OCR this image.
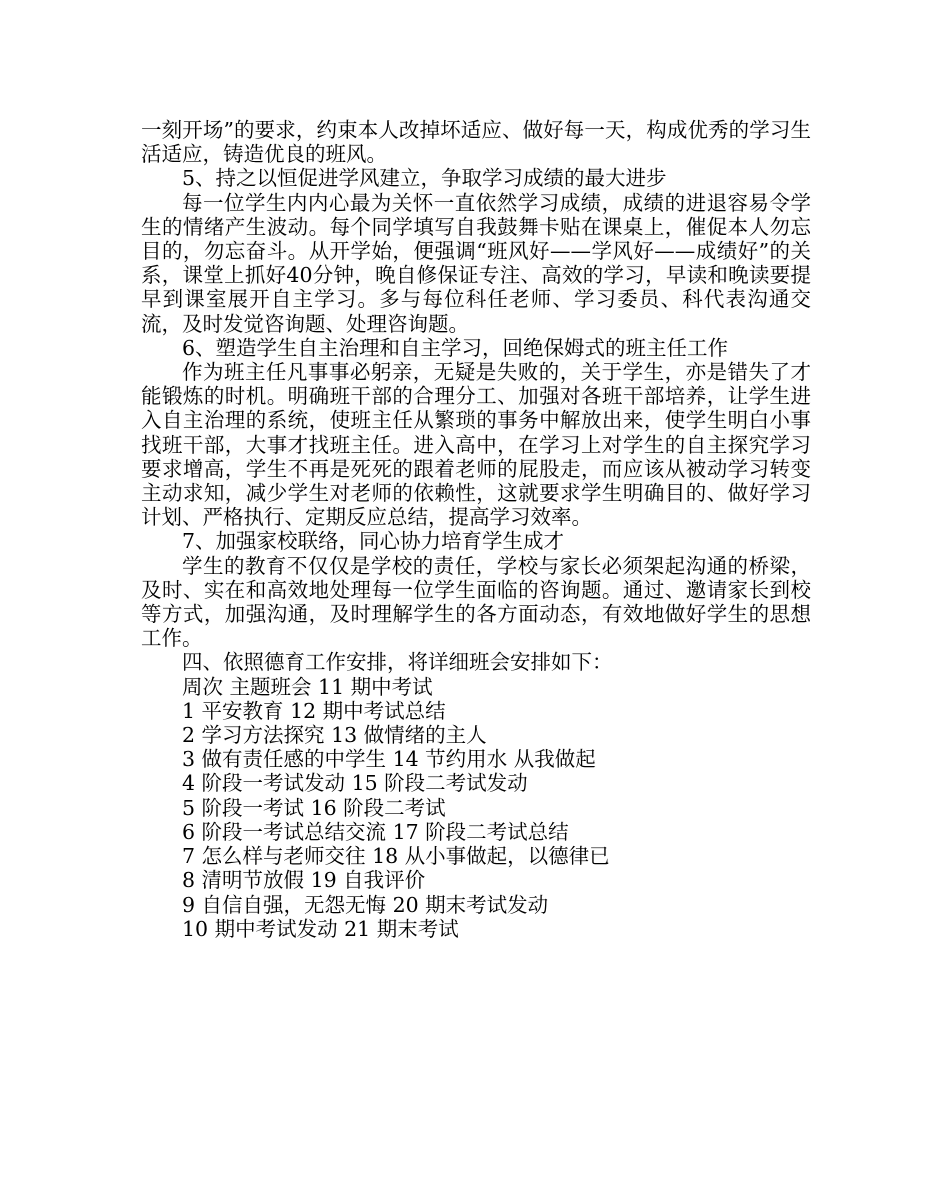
一刻开场”的要求，约束本人改掉坏适应、做好每一天，构成优秀的学习生活适应，铸造优良的班风。

5、持之以恒促进学风建立，争取学习成绩的最大进步

每一位学生内内心最为关怀一直依然学习成绩，成绩的进退容易令学生的情绪产生波动。每个同学填写自我鼓舞卡贴在课桌上，催促本人勿忘目的，勿忘奋斗。从开学始，便强调“班风好——学风好——成绩好”的关系，课堂上抓好40分钟，晚自修保证专注、高效的学习，早读和晚读要提早到课室展开自主学习。多与每位科任老师、学习委员、科代表沟通交流，及时发觉咨询题、处理咨询题。

6、塑造学生自主治理和自主学习，回绝保姆式的班主任工作

作为班主任凡事事必躬亲，无疑是失败的，关于学生，亦是错失了才能锻炼的时机。明确班干部的合理分工、加强对各班干部培养，让学生进入自主治理的系统，使班主任从繁琐的事务中解放出来，使学生明白小事找班干部，大事才找班主任。进入高中，在学习上对学生的自主探究学习要求增高，学生不再是死死的跟着老师的屁股走，而应该从被动学习转变主动求知，减少学生对老师的依赖性，这就要求学生明确目的、做好学习计划、严格执行、定期反应总结，提高学习效率。

7、加强家校联络，同心协力培育学生成才

学生的教育不仅仅是学校的责任，学校与家长必须架起沟通的桥梁，及时、实在和高效地处理每一位学生面临的咨询题。通过、邀请家长到校等方式，加强沟通，及时理解学生的各方面动态，有效地做好学生的思想工作。

四、依照德育工作安排，将详细班会安排如下：

周次 主题班会 11 期中考试

1 平安教育 12 期中考试总结

2 学习方法探究 13 做情绪的主人

3 做有责任感的中学生 14 节约用水 从我做起

4 阶段一考试发动 15 阶段二考试发动

5 阶段一考试 16 阶段二考试

6 阶段一考试总结交流 17 阶段二考试总结

7 怎么样与老师交往 18 从小事做起，以德律已

8 清明节放假 19 自我评价

9 自信自强，无怨无悔 20 期末考试发动

10 期中考试发动 21 期末考试
